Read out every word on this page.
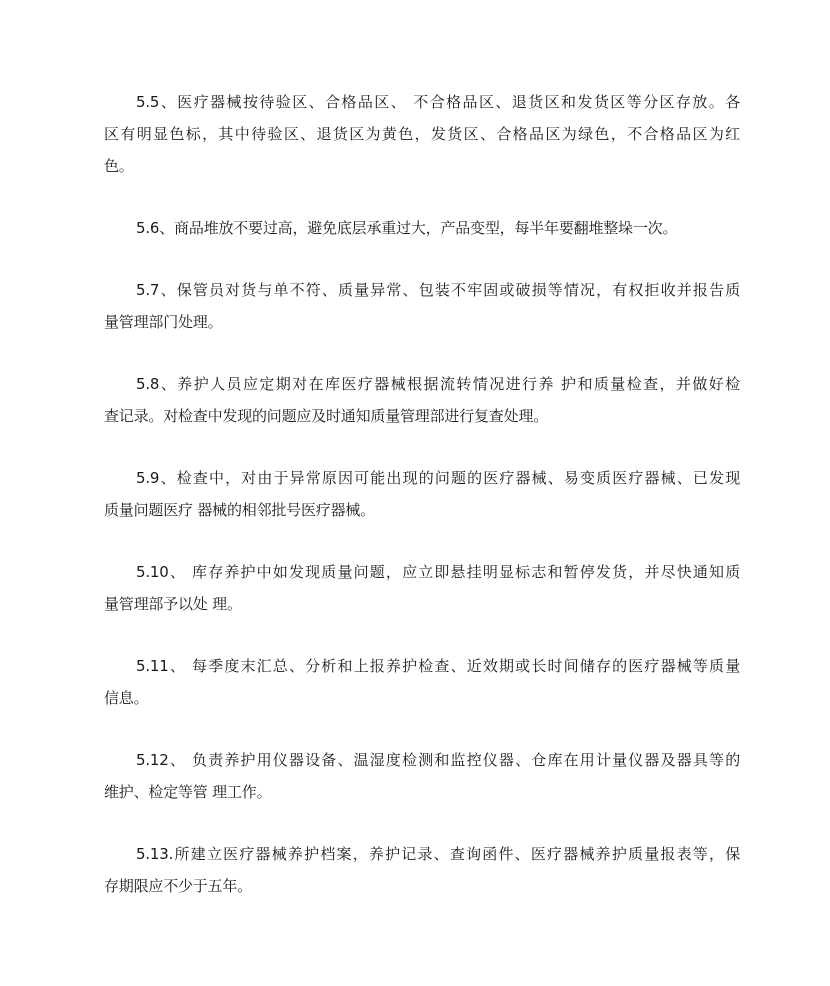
5.5、医疗器械按待验区、合格品区、 不合格品区、退货区和发货区等分区存放。各
区有明显色标，其中待验区、退货区为黄色，发货区、合格品区为绿色，不合格品区为红
色。
5.6、商品堆放不要过高，避免底层承重过大，产品变型，每半年要翻堆整垛一次。
5.7、保管员对货与单不符、质量异常、包装不牢固或破损等情况，有权拒收并报告质
量管理部门处理。
5.8、养护人员应定期对在库医疗器械根据流转情况进行养 护和质量检查，并做好检
查记录。对检查中发现的问题应及时通知质量管理部进行复查处理。
5.9、检查中，对由于异常原因可能出现的问题的医疗器械、易变质医疗器械、已发现
质量问题医疗 器械的相邻批号医疗器械。
5.10、 库存养护中如发现质量问题，应立即悬挂明显标志和暂停发货，并尽快通知质
量管理部予以处 理。
5.11、 每季度末汇总、分析和上报养护检查、近效期或长时间储存的医疗器械等质量
信息。
5.12、 负责养护用仪器设备、温湿度检测和监控仪器、仓库在用计量仪器及器具等的
维护、检定等管 理工作。
5.13.所建立医疗器械养护档案，养护记录、查询函件、医疗器械养护质量报表等，保
存期限应不少于五年。
